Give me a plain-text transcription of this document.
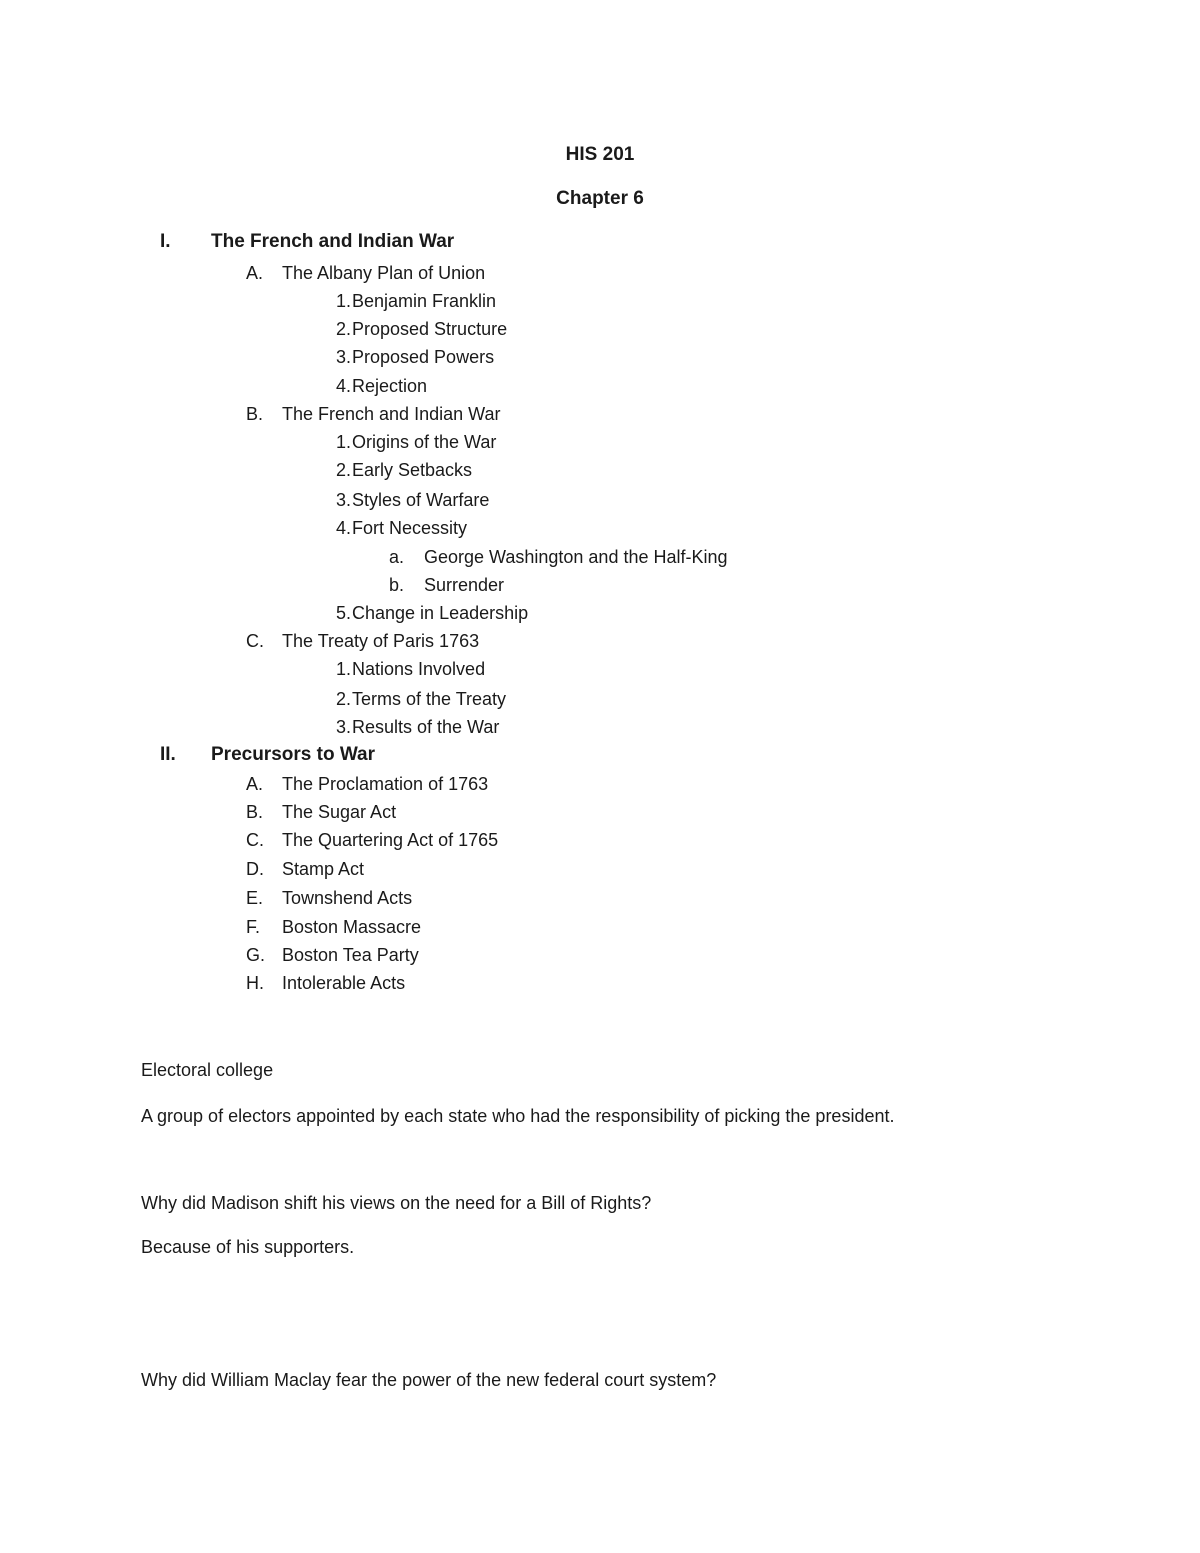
HIS 201
Chapter 6
I. The French and Indian War
A. The Albany Plan of Union
1. Benjamin Franklin
2. Proposed Structure
3. Proposed Powers
4. Rejection
B. The French and Indian War
1. Origins of the War
2. Early Setbacks
3. Styles of Warfare
4. Fort Necessity
a. George Washington and the Half-King
b. Surrender
5. Change in Leadership
C. The Treaty of Paris 1763
1. Nations Involved
2. Terms of the Treaty
3. Results of the War
II. Precursors to War
A. The Proclamation of 1763
B. The Sugar Act
C. The Quartering Act of 1765
D. Stamp Act
E. Townshend Acts
F. Boston Massacre
G. Boston Tea Party
H. Intolerable Acts
Electoral college
A group of electors appointed by each state who had the responsibility of picking the president.
Why did Madison shift his views on the need for a Bill of Rights?
Because of his supporters.
Why did William Maclay fear the power of the new federal court system?
